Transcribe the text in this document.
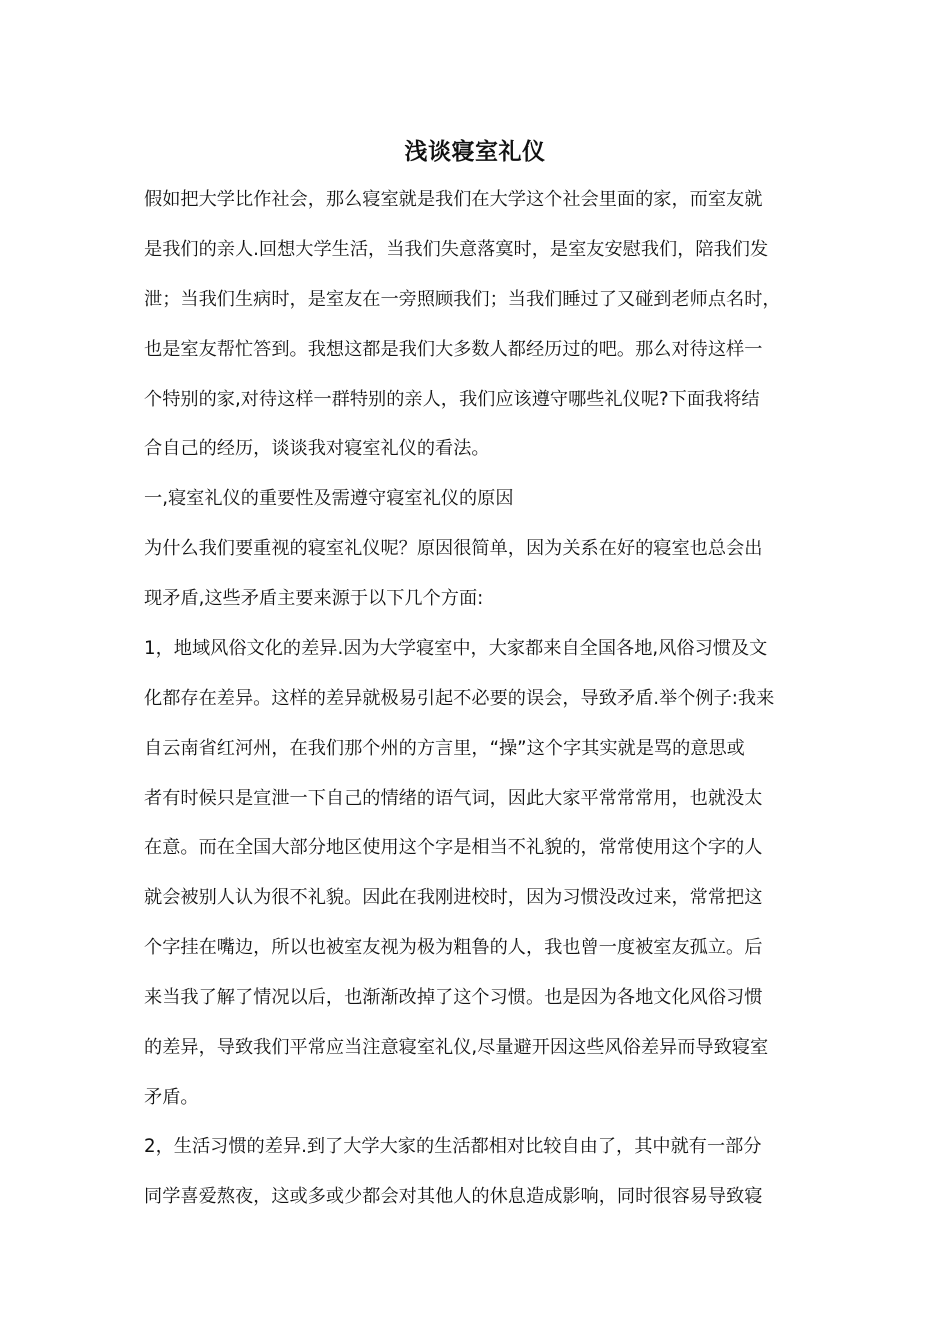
浅谈寝室礼仪
假如把大学比作社会，那么寝室就是我们在大学这个社会里面的家，而室友就
是我们的亲人.回想大学生活，当我们失意落寞时，是室友安慰我们，陪我们发
泄；当我们生病时，是室友在一旁照顾我们；当我们睡过了又碰到老师点名时，
也是室友帮忙答到。我想这都是我们大多数人都经历过的吧。那么对待这样一
个特别的家,对待这样一群特别的亲人，我们应该遵守哪些礼仪呢?下面我将结
合自己的经历，谈谈我对寝室礼仪的看法。
一,寝室礼仪的重要性及需遵守寝室礼仪的原因
为什么我们要重视的寝室礼仪呢？原因很简单，因为关系在好的寝室也总会出
现矛盾,这些矛盾主要来源于以下几个方面:
1，地域风俗文化的差异.因为大学寝室中，大家都来自全国各地,风俗习惯及文
化都存在差异。这样的差异就极易引起不必要的误会，导致矛盾.举个例子:我来
自云南省红河州，在我们那个州的方言里，“操”这个字其实就是骂的意思或
者有时候只是宣泄一下自己的情绪的语气词，因此大家平常常常用，也就没太
在意。而在全国大部分地区使用这个字是相当不礼貌的，常常使用这个字的人
就会被别人认为很不礼貌。因此在我刚进校时，因为习惯没改过来，常常把这
个字挂在嘴边，所以也被室友视为极为粗鲁的人，我也曾一度被室友孤立。后
来当我了解了情况以后，也渐渐改掉了这个习惯。也是因为各地文化风俗习惯
的差异，导致我们平常应当注意寝室礼仪,尽量避开因这些风俗差异而导致寝室
矛盾。
2，生活习惯的差异.到了大学大家的生活都相对比较自由了，其中就有一部分
同学喜爱熬夜，这或多或少都会对其他人的休息造成影响，同时很容易导致寝
